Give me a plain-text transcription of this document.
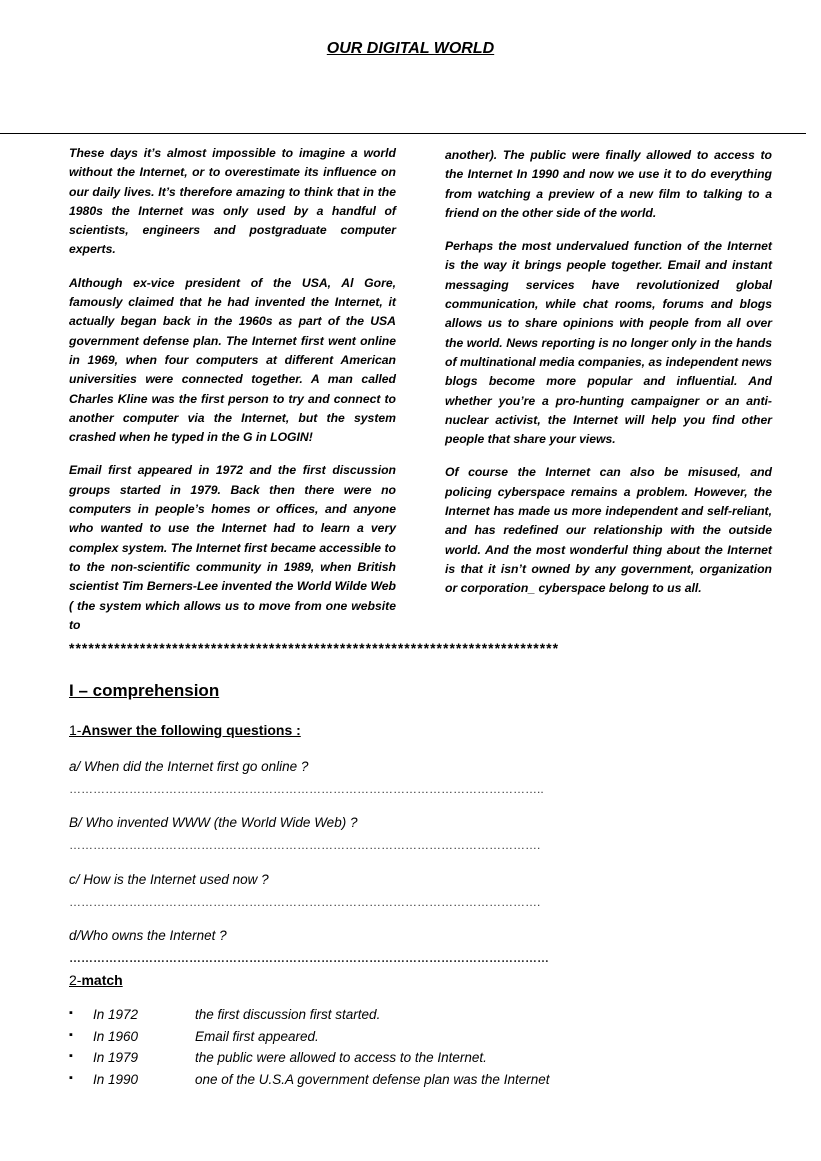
OUR DIGITAL WORLD

These days it’s almost impossible to imagine a world without the Internet, or to overestimate its influence on our daily lives. It’s therefore amazing to think that in the 1980s the Internet was only used by a handful of scientists, engineers and postgraduate computer experts.

Although ex-vice president of the USA, Al Gore, famously claimed that he had invented the Internet, it actually began back in the 1960s as part of the USA government defense plan. The Internet first went online in 1969, when four computers at different American universities were connected together. A man called Charles Kline was the first person to try and connect to another computer via the Internet, but the system crashed when he typed in the G in LOGIN!

Email first appeared in 1972 and the first discussion groups started in 1979. Back then there were no computers in people’s homes or offices, and anyone who wanted to use the Internet had to learn a very complex system. The Internet first became accessible to to the non-scientific community in 1989, when British scientist Tim Berners-Lee invented the World Wilde Web ( the system which allows us to move from one website to

another). The public were finally allowed to access to the Internet In 1990 and now we use it to do everything from watching a preview of a new film to talking to a friend on the other side of the world.

Perhaps the most undervalued function of the Internet is the way it brings people together. Email and instant messaging services have revolutionized global communication, while chat rooms, forums and blogs allows us to share opinions with people from all over the world. News reporting is no longer only in the hands of multinational media companies, as independent news blogs become more popular and influential. And whether you’re a pro-hunting campaigner or an anti-nuclear activist, the Internet will help you find other people that share your views.

Of course the Internet can also be misused, and policing cyberspace remains a problem. However, the Internet has made us more independent and self-reliant, and has redefined our relationship with the outside world. And the most wonderful thing about the Internet is that it isn’t owned by any government, organization or corporation_ cyberspace belong to us all.

****************************************************************************
I – comprehension
1-Answer the following questions :
a/ When did the Internet first go online ?
………………………………………………………………………………………………………..
B/ Who invented WWW (the World Wide Web) ?
……………………………………………………………………………………………………….
c/ How is the Internet used now ?
……………………………………………………………………………………………………….
d/Who owns the Internet ?
…………………………………………………………………………………………………………
2-match
▪ In 1972	the first discussion first started.
▪ In 1960	Email first appeared.
▪ In 1979	the public were allowed to access to the Internet.
▪ In 1990	one of the U.S.A government defense plan was the Internet
